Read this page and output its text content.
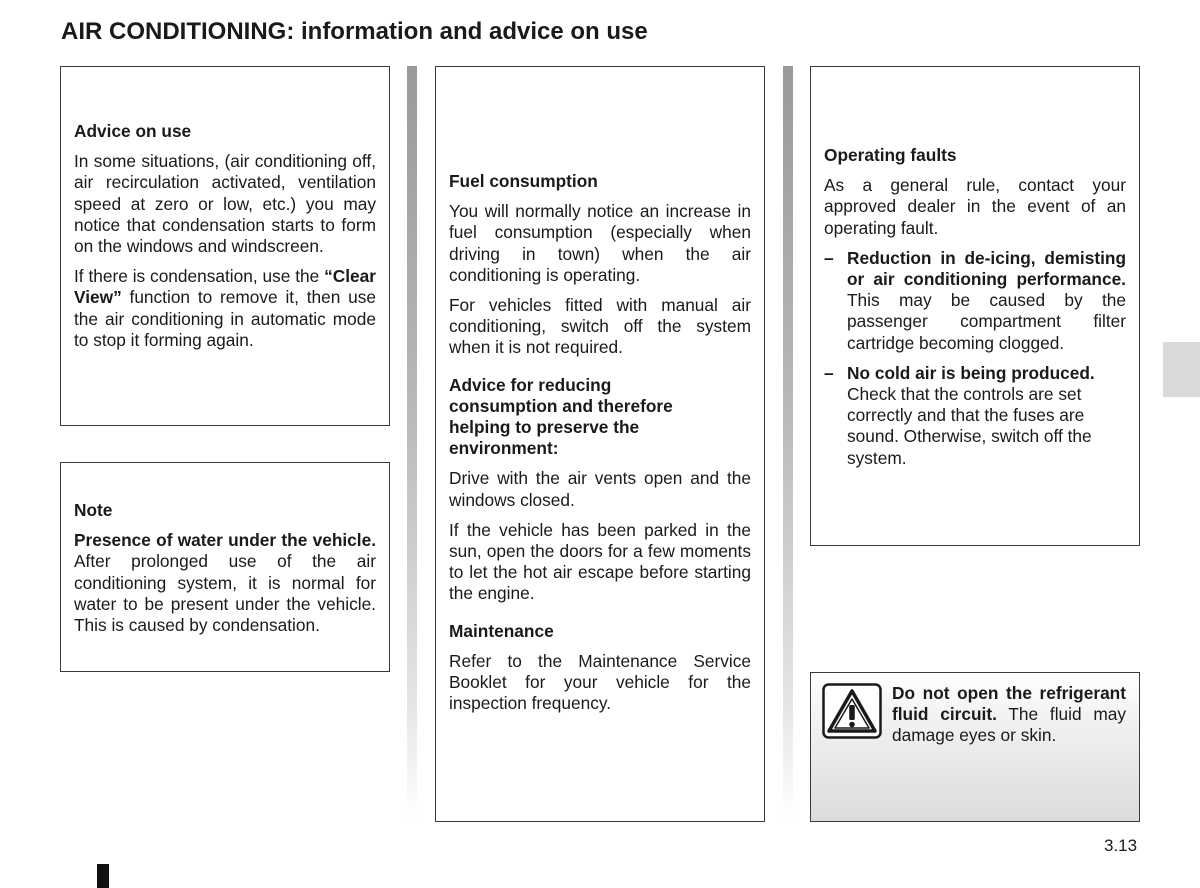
AIR CONDITIONING: information and advice on use
Advice on use

In some situations, (air conditioning off, air recirculation activated, ventilation speed at zero or low, etc.) you may notice that condensation starts to form on the windows and windscreen.

If there is condensation, use the “Clear View” function to remove it, then use the air conditioning in automatic mode to stop it forming again.

Note

Presence of water under the vehicle. After prolonged use of the air conditioning system, it is normal for water to be present under the vehicle. This is caused by condensation.

Fuel consumption

You will normally notice an increase in fuel consumption (especially when driving in town) when the air conditioning is operating.

For vehicles fitted with manual air conditioning, switch off the system when it is not required.

Advice for reducing consumption and therefore helping to preserve the environment:

Drive with the air vents open and the windows closed.

If the vehicle has been parked in the sun, open the doors for a few moments to let the hot air escape before starting the engine.

Maintenance

Refer to the Maintenance Service Booklet for your vehicle for the inspection frequency.

Operating faults

As a general rule, contact your approved dealer in the event of an operating fault.

– Reduction in de-icing, demisting or air conditioning performance. This may be caused by the passenger compartment filter cartridge becoming clogged.
– No cold air is being produced. Check that the controls are set correctly and that the fuses are sound. Otherwise, switch off the system.

Do not open the refrigerant fluid circuit. The fluid may damage eyes or skin.

3.13
